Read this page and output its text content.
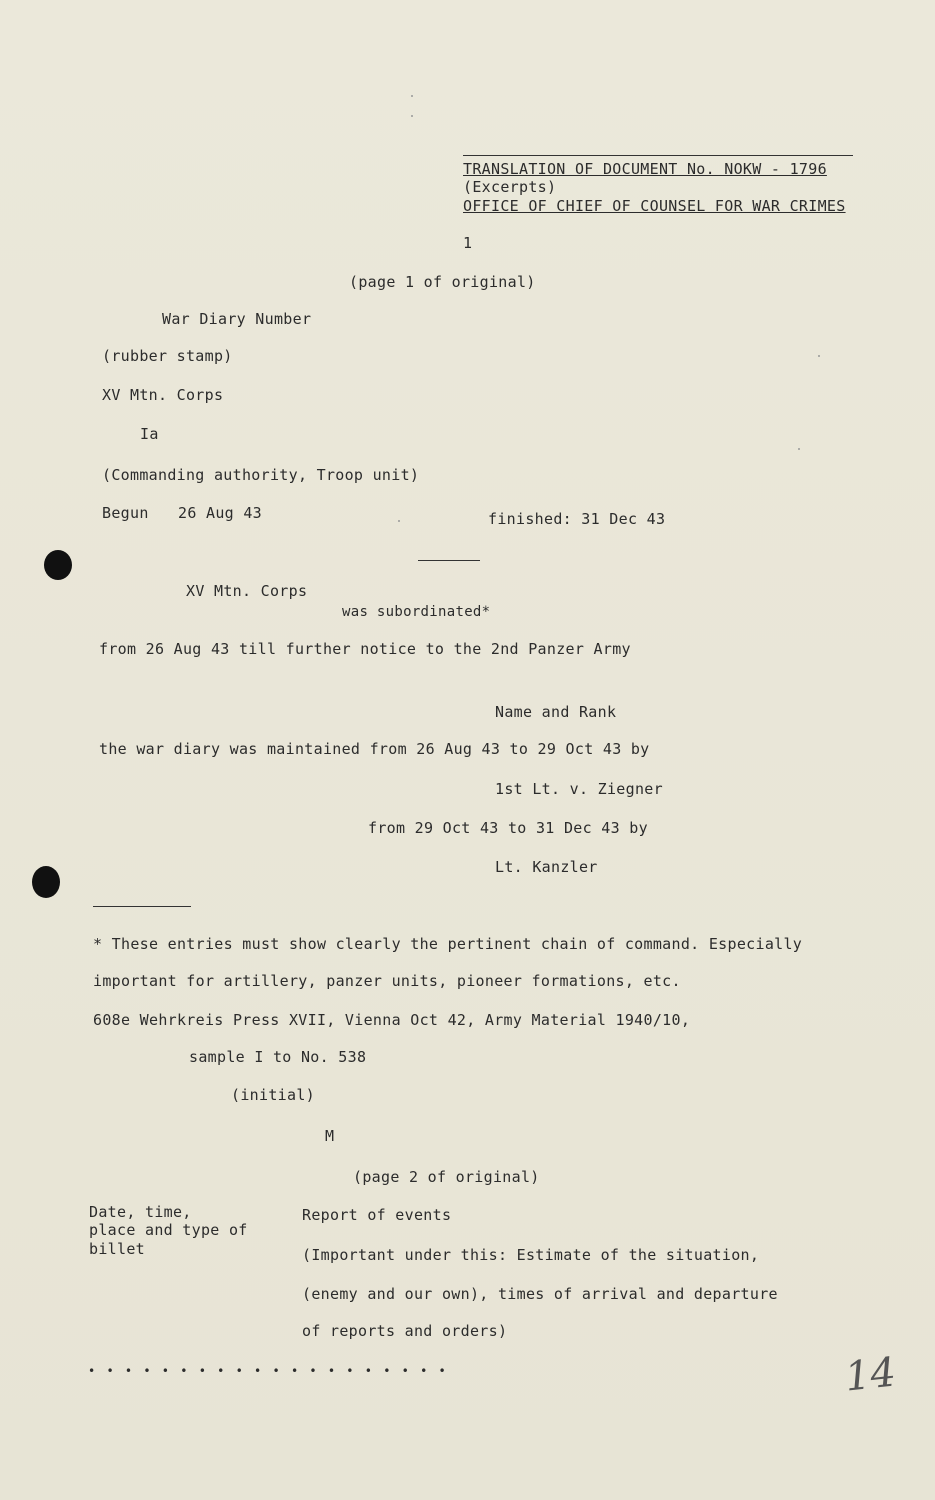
TRANSLATION OF DOCUMENT No. NOKW - 1796
(Excerpts)
OFFICE OF CHIEF OF COUNSEL FOR WAR CRIMES
1
(page 1 of original)
War Diary Number
(rubber stamp)
XV Mtn. Corps
Ia
(Commanding authority, Troop unit)
Begun 26 Aug 43	finished: 31 Dec 43
XV Mtn. Corps
was subordinated*
from 26 Aug 43 till further notice to the 2nd Panzer Army
Name and Rank
the war diary was maintained from 26 Aug 43 to 29 Oct 43 by
1st Lt. v. Ziegner
from 29 Oct 43 to 31 Dec 43 by
Lt. Kanzler
* These entries must show clearly the pertinent chain of command. Especially
important for artillery, panzer units, pioneer formations, etc.
608e Wehrkreis Press XVII, Vienna Oct 42, Army Material 1940/10,
sample I to No. 538
(initial)
M
(page 2 of original)
Date, time,
place and type of
billet
Report of events
(Important under this: Estimate of the situation,
(enemy and our own), times of arrival and departure
of reports and orders)
• • • • • • • • • • • • • • • • • • • •	14
